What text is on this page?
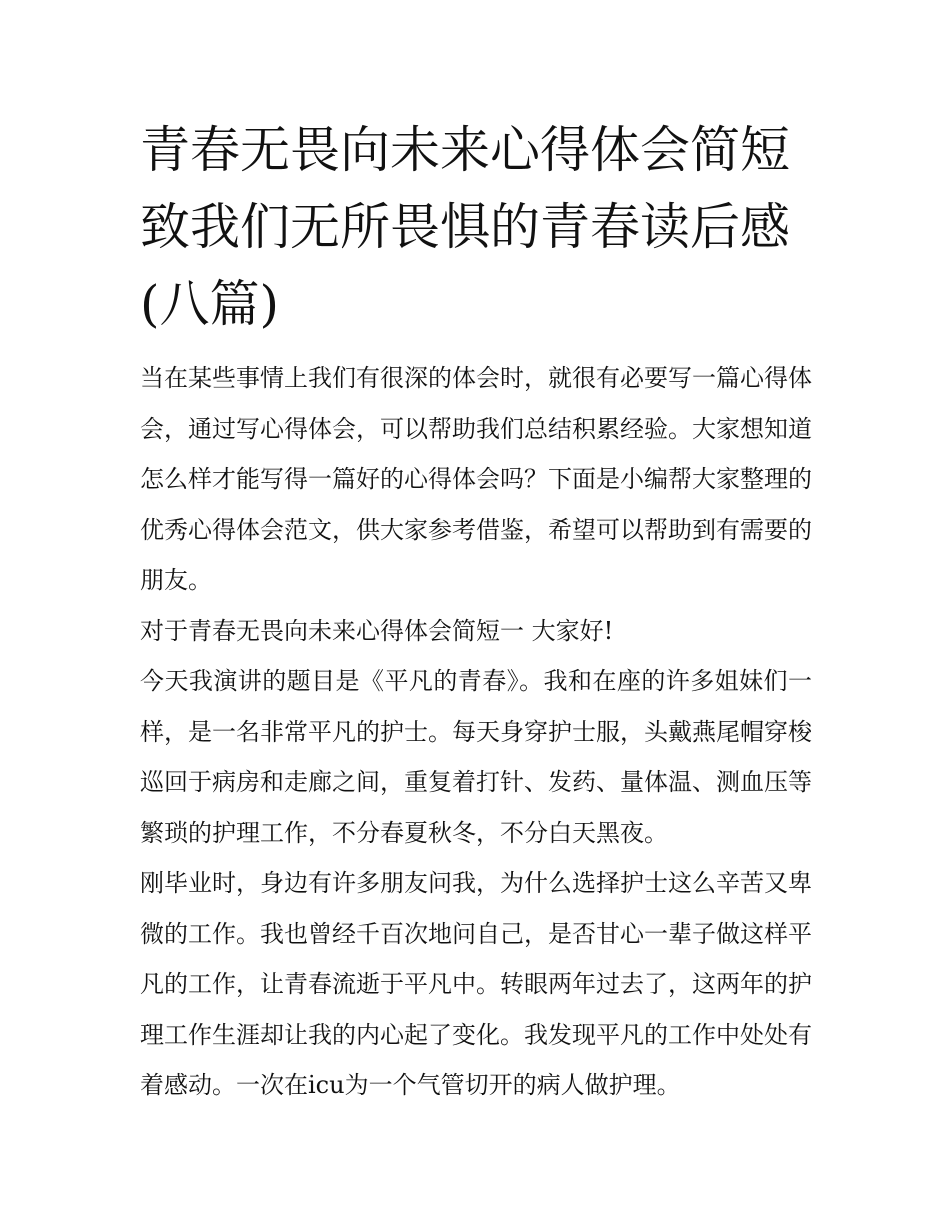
青春无畏向未来心得体会简短致我们无所畏惧的青春读后感(八篇)

当在某些事情上我们有很深的体会时，就很有必要写一篇心得体会，通过写心得体会，可以帮助我们总结积累经验。大家想知道怎么样才能写得一篇好的心得体会吗？下面是小编帮大家整理的优秀心得体会范文，供大家参考借鉴，希望可以帮助到有需要的朋友。

对于青春无畏向未来心得体会简短一 大家好!

今天我演讲的题目是《平凡的青春》。我和在座的许多姐妹们一样，是一名非常平凡的护士。每天身穿护士服，头戴燕尾帽穿梭巡回于病房和走廊之间，重复着打针、发药、量体温、测血压等繁琐的护理工作，不分春夏秋冬，不分白天黑夜。

刚毕业时，身边有许多朋友问我，为什么选择护士这么辛苦又卑微的工作。我也曾经千百次地问自己，是否甘心一辈子做这样平凡的工作，让青春流逝于平凡中。转眼两年过去了，这两年的护理工作生涯却让我的内心起了变化。我发现平凡的工作中处处有着感动。一次在icu为一个气管切开的病人做护理。
